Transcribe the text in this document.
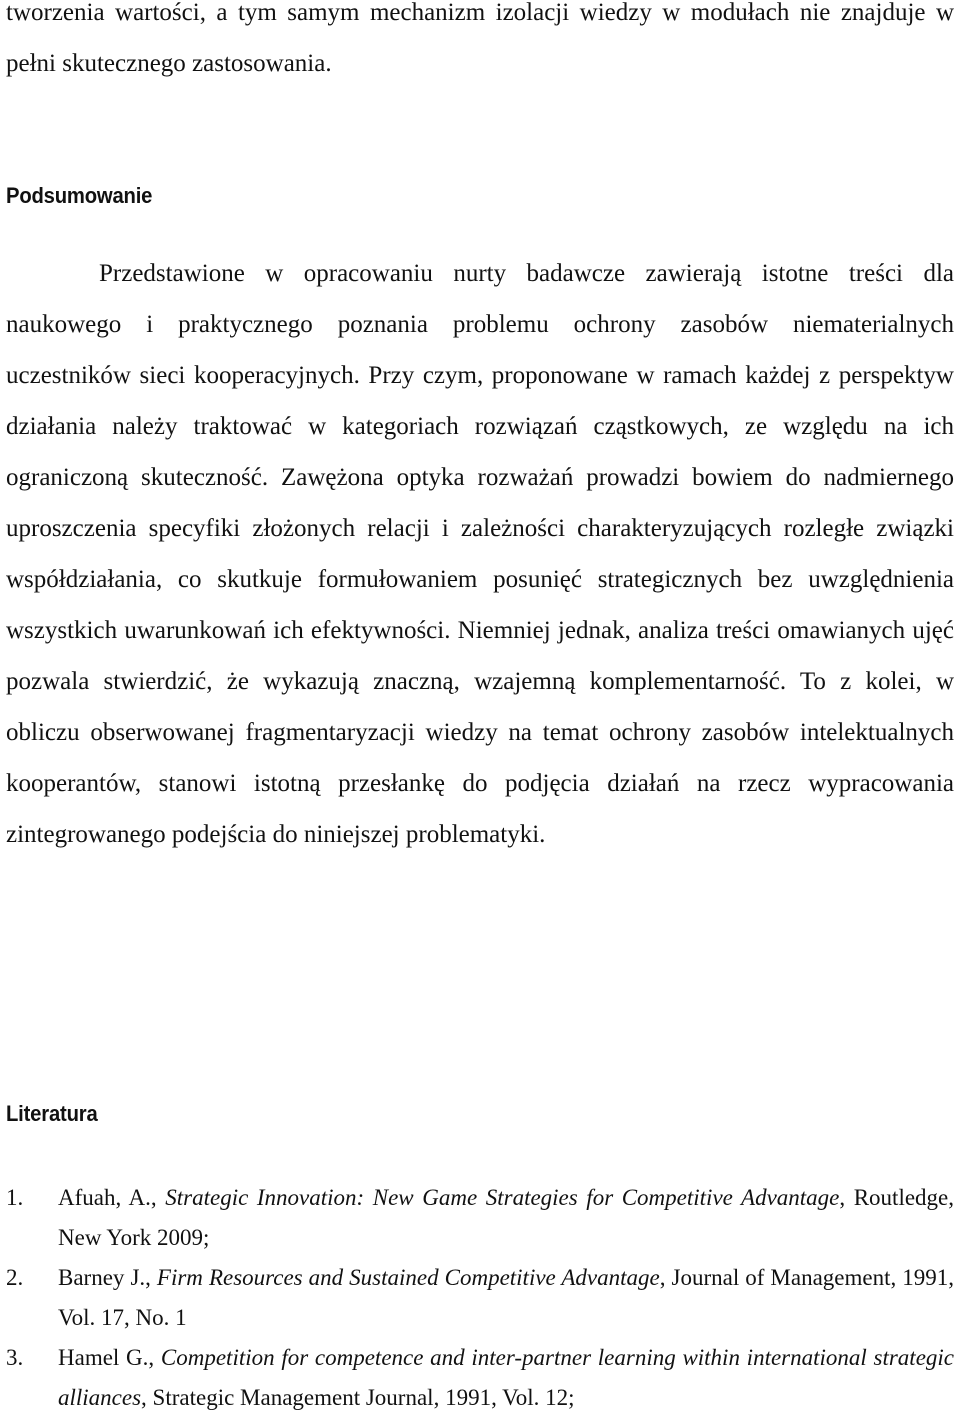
tworzenia wartości, a tym samym mechanizm izolacji wiedzy w modułach nie znajduje w pełni skutecznego zastosowania.

Podsumowanie

Przedstawione w opracowaniu nurty badawcze zawierają istotne treści dla naukowego i praktycznego poznania problemu ochrony zasobów niematerialnych uczestników sieci kooperacyjnych. Przy czym, proponowane w ramach każdej z perspektyw działania należy traktować w kategoriach rozwiązań cząstkowych, ze względu na ich ograniczoną skuteczność. Zawężona optyka rozważań prowadzi bowiem do nadmiernego uproszczenia specyfiki złożonych relacji i zależności charakteryzujących rozległe związki współdziałania, co skutkuje formułowaniem posunięć strategicznych bez uwzględnienia wszystkich uwarunkowań ich efektywności. Niemniej jednak, analiza treści omawianych ujęć pozwala stwierdzić, że wykazują znaczną, wzajemną komplementarność. To z kolei, w obliczu obserwowanej fragmentaryzacji wiedzy na temat ochrony zasobów intelektualnych kooperantów, stanowi istotną przesłankę do podjęcia działań na rzecz wypracowania zintegrowanego podejścia do niniejszej problematyki.

Literatura
1. Afuah, A., Strategic Innovation: New Game Strategies for Competitive Advantage, Routledge, New York 2009;
2. Barney J., Firm Resources and Sustained Competitive Advantage, Journal of Management, 1991, Vol. 17, No. 1
3. Hamel G., Competition for competence and inter-partner learning within international strategic alliances, Strategic Management Journal, 1991, Vol. 12;
